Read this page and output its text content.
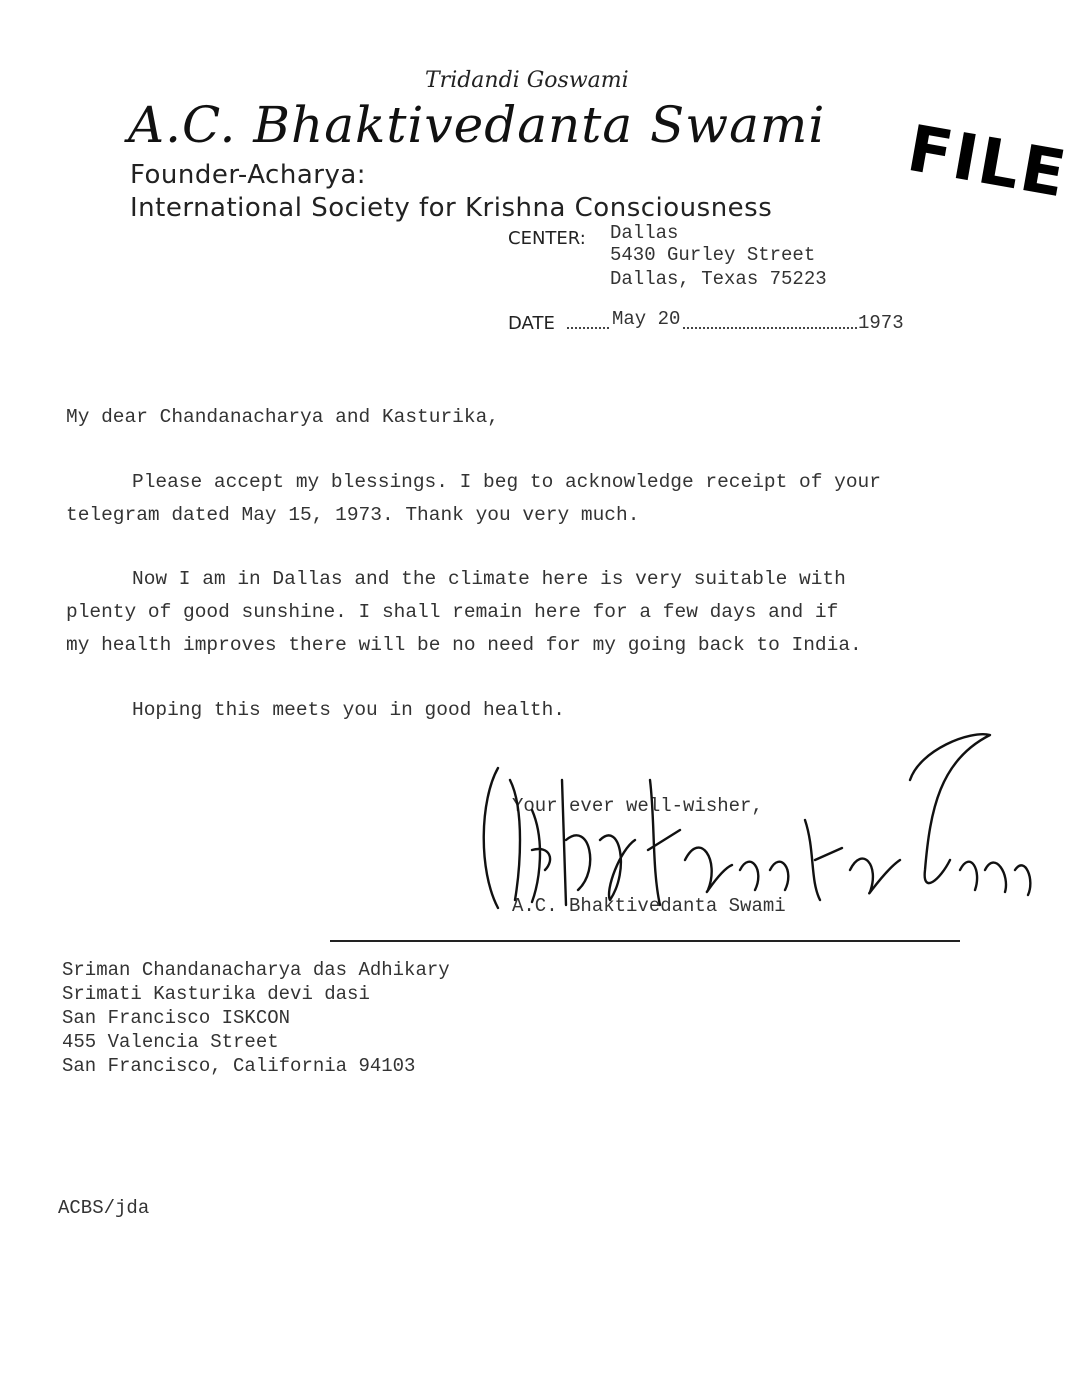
Tridandi Goswami
A.C. Bhaktivedanta Swami
Founder-Acharya:
International Society for Krishna Consciousness
CENTER: Dallas
5430 Gurley Street
Dallas, Texas 75223
DATE	May 20	1973
FILE
My dear Chandanacharya and Kasturika,
Please accept my blessings. I beg to acknowledge receipt of your
telegram dated May 15, 1973. Thank you very much.
Now I am in Dallas and the climate here is very suitable with
plenty of good sunshine. I shall remain here for a few days and if
my health improves there will be no need for my going back to India.
Hoping this meets you in good health.
Your ever well-wisher,
A.C. Bhaktivedanta Swami
Sriman Chandanacharya das Adhikary
Srimati Kasturika devi dasi
San Francisco ISKCON
455 Valencia Street
San Francisco, California 94103
ACBS/jda
